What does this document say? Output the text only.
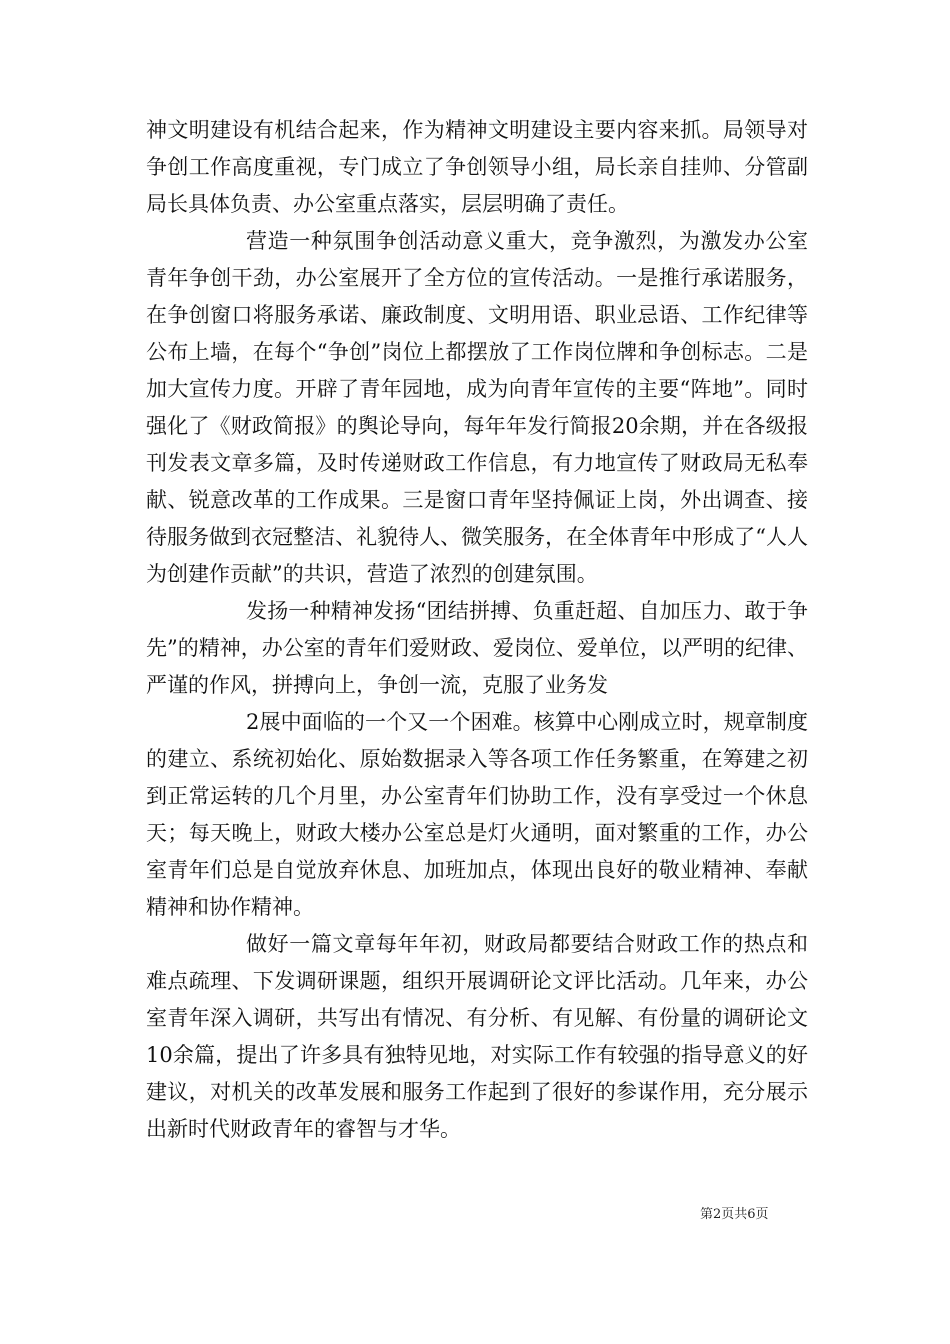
神文明建设有机结合起来，作为精神文明建设主要内容来抓。局领导对争创工作高度重视，专门成立了争创领导小组，局长亲自挂帅、分管副局长具体负责、办公室重点落实，层层明确了责任。

营造一种氛围争创活动意义重大，竞争激烈，为激发办公室青年争创干劲，办公室展开了全方位的宣传活动。一是推行承诺服务，在争创窗口将服务承诺、廉政制度、文明用语、职业忌语、工作纪律等公布上墙，在每个“争创”岗位上都摆放了工作岗位牌和争创标志。二是加大宣传力度。开辟了青年园地，成为向青年宣传的主要“阵地”。同时强化了《财政简报》的舆论导向，每年年发行简报20余期，并在各级报刊发表文章多篇，及时传递财政工作信息，有力地宣传了财政局无私奉献、锐意改革的工作成果。三是窗口青年坚持佩证上岗，外出调查、接待服务做到衣冠整洁、礼貌待人、微笑服务，在全体青年中形成了“人人为创建作贡献”的共识，营造了浓烈的创建氛围。

发扬一种精神发扬“团结拼搏、负重赶超、自加压力、敢于争先”的精神，办公室的青年们爱财政、爱岗位、爱单位，以严明的纪律、严谨的作风，拼搏向上，争创一流，克服了业务发

2展中面临的一个又一个困难。核算中心刚成立时，规章制度的建立、系统初始化、原始数据录入等各项工作任务繁重，在筹建之初到正常运转的几个月里，办公室青年们协助工作，没有享受过一个休息天；每天晚上，财政大楼办公室总是灯火通明，面对繁重的工作，办公室青年们总是自觉放弃休息、加班加点，体现出良好的敬业精神、奉献精神和协作精神。

做好一篇文章每年年初，财政局都要结合财政工作的热点和难点疏理、下发调研课题，组织开展调研论文评比活动。几年来，办公室青年深入调研，共写出有情况、有分析、有见解、有份量的调研论文10余篇，提出了许多具有独特见地，对实际工作有较强的指导意义的好建议，对机关的改革发展和服务工作起到了很好的参谋作用，充分展示出新时代财政青年的睿智与才华。

第2页共6页
